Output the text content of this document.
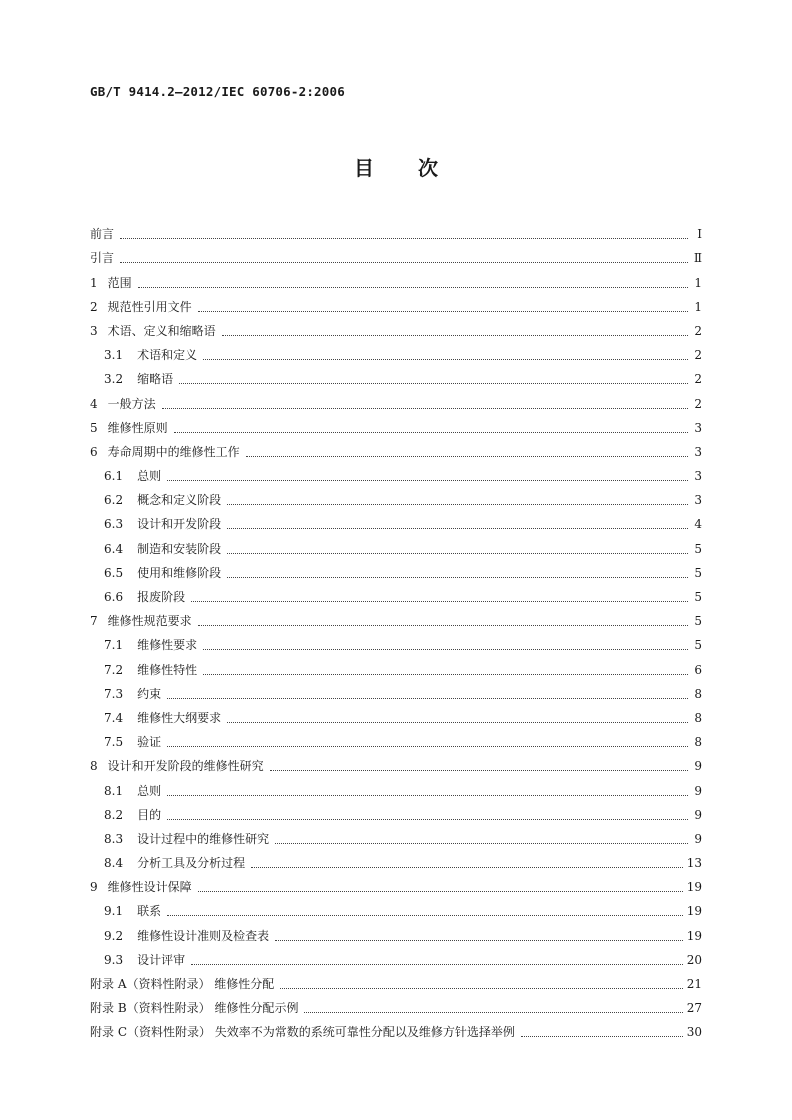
GB/T 9414.2—2012/IEC 60706-2:2006
目 次
前言	Ⅰ
引言	Ⅱ
1 范围	1
2 规范性引用文件	1
3 术语、定义和缩略语	2
3.1 术语和定义	2
3.2 缩略语	2
4 一般方法	2
5 维修性原则	3
6 寿命周期中的维修性工作	3
6.1 总则	3
6.2 概念和定义阶段	3
6.3 设计和开发阶段	4
6.4 制造和安装阶段	5
6.5 使用和维修阶段	5
6.6 报废阶段	5
7 维修性规范要求	5
7.1 维修性要求	5
7.2 维修性特性	6
7.3 约束	8
7.4 维修性大纲要求	8
7.5 验证	8
8 设计和开发阶段的维修性研究	9
8.1 总则	9
8.2 目的	9
8.3 设计过程中的维修性研究	9
8.4 分析工具及分析过程	13
9 维修性设计保障	19
9.1 联系	19
9.2 维修性设计准则及检查表	19
9.3 设计评审	20
附录 A（资料性附录） 维修性分配	21
附录 B（资料性附录） 维修性分配示例	27
附录 C（资料性附录） 失效率不为常数的系统可靠性分配以及维修方针选择举例	30
